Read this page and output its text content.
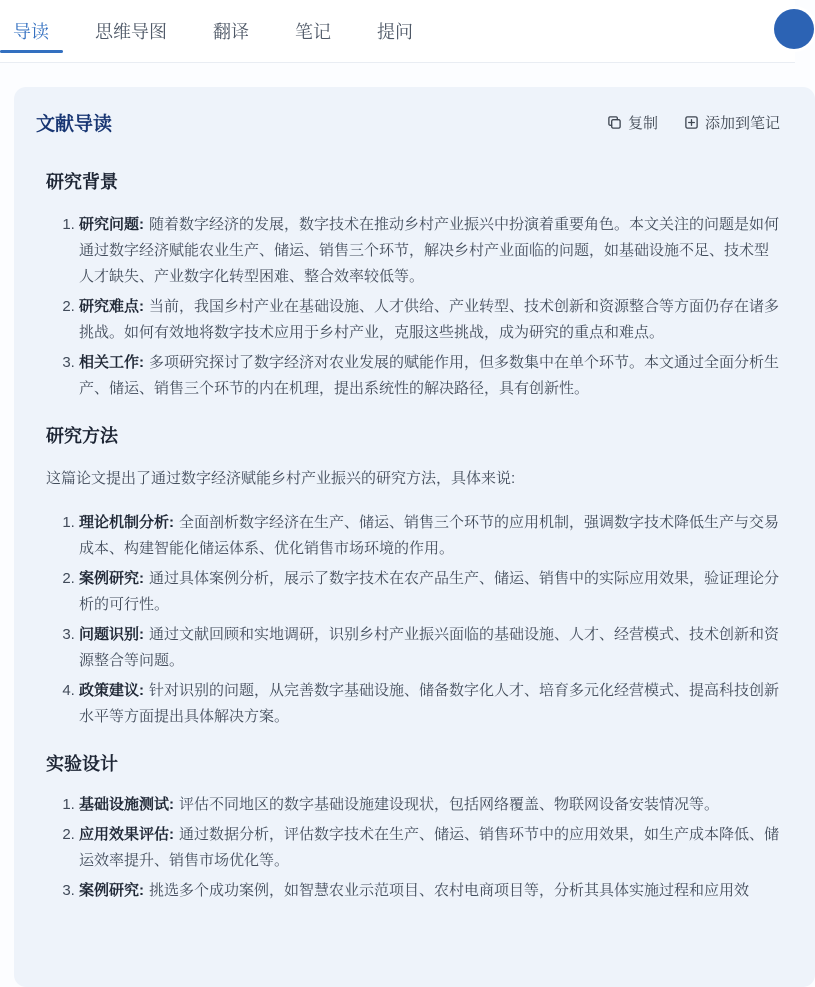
导读	思维导图	翻译	笔记	提问
文献导读	复制	添加到笔记
研究背景
1. 研究问题: 随着数字经济的发展，数字技术在推动乡村产业振兴中扮演着重要角色。本文关注的问题是如何通过数字经济赋能农业生产、储运、销售三个环节，解决乡村产业面临的问题，如基础设施不足、技术型人才缺失、产业数字化转型困难、整合效率较低等。
2. 研究难点: 当前，我国乡村产业在基础设施、人才供给、产业转型、技术创新和资源整合等方面仍存在诸多挑战。如何有效地将数字技术应用于乡村产业，克服这些挑战，成为研究的重点和难点。
3. 相关工作: 多项研究探讨了数字经济对农业发展的赋能作用，但多数集中在单个环节。本文通过全面分析生产、储运、销售三个环节的内在机理，提出系统性的解决路径，具有创新性。
研究方法

这篇论文提出了通过数字经济赋能乡村产业振兴的研究方法，具体来说:

1. 理论机制分析: 全面剖析数字经济在生产、储运、销售三个环节的应用机制，强调数字技术降低生产与交易成本、构建智能化储运体系、优化销售市场环境的作用。
2. 案例研究: 通过具体案例分析，展示了数字技术在农产品生产、储运、销售中的实际应用效果，验证理论分析的可行性。
3. 问题识别: 通过文献回顾和实地调研，识别乡村产业振兴面临的基础设施、人才、经营模式、技术创新和资源整合等问题。
4. 政策建议: 针对识别的问题，从完善数字基础设施、储备数字化人才、培育多元化经营模式、提高科技创新水平等方面提出具体解决方案。
实验设计
1. 基础设施测试: 评估不同地区的数字基础设施建设现状，包括网络覆盖、物联网设备安装情况等。
2. 应用效果评估: 通过数据分析，评估数字技术在生产、储运、销售环节中的应用效果，如生产成本降低、储运效率提升、销售市场优化等。
3. 案例研究: 挑选多个成功案例，如智慧农业示范项目、农村电商项目等，分析其具体实施过程和应用效
